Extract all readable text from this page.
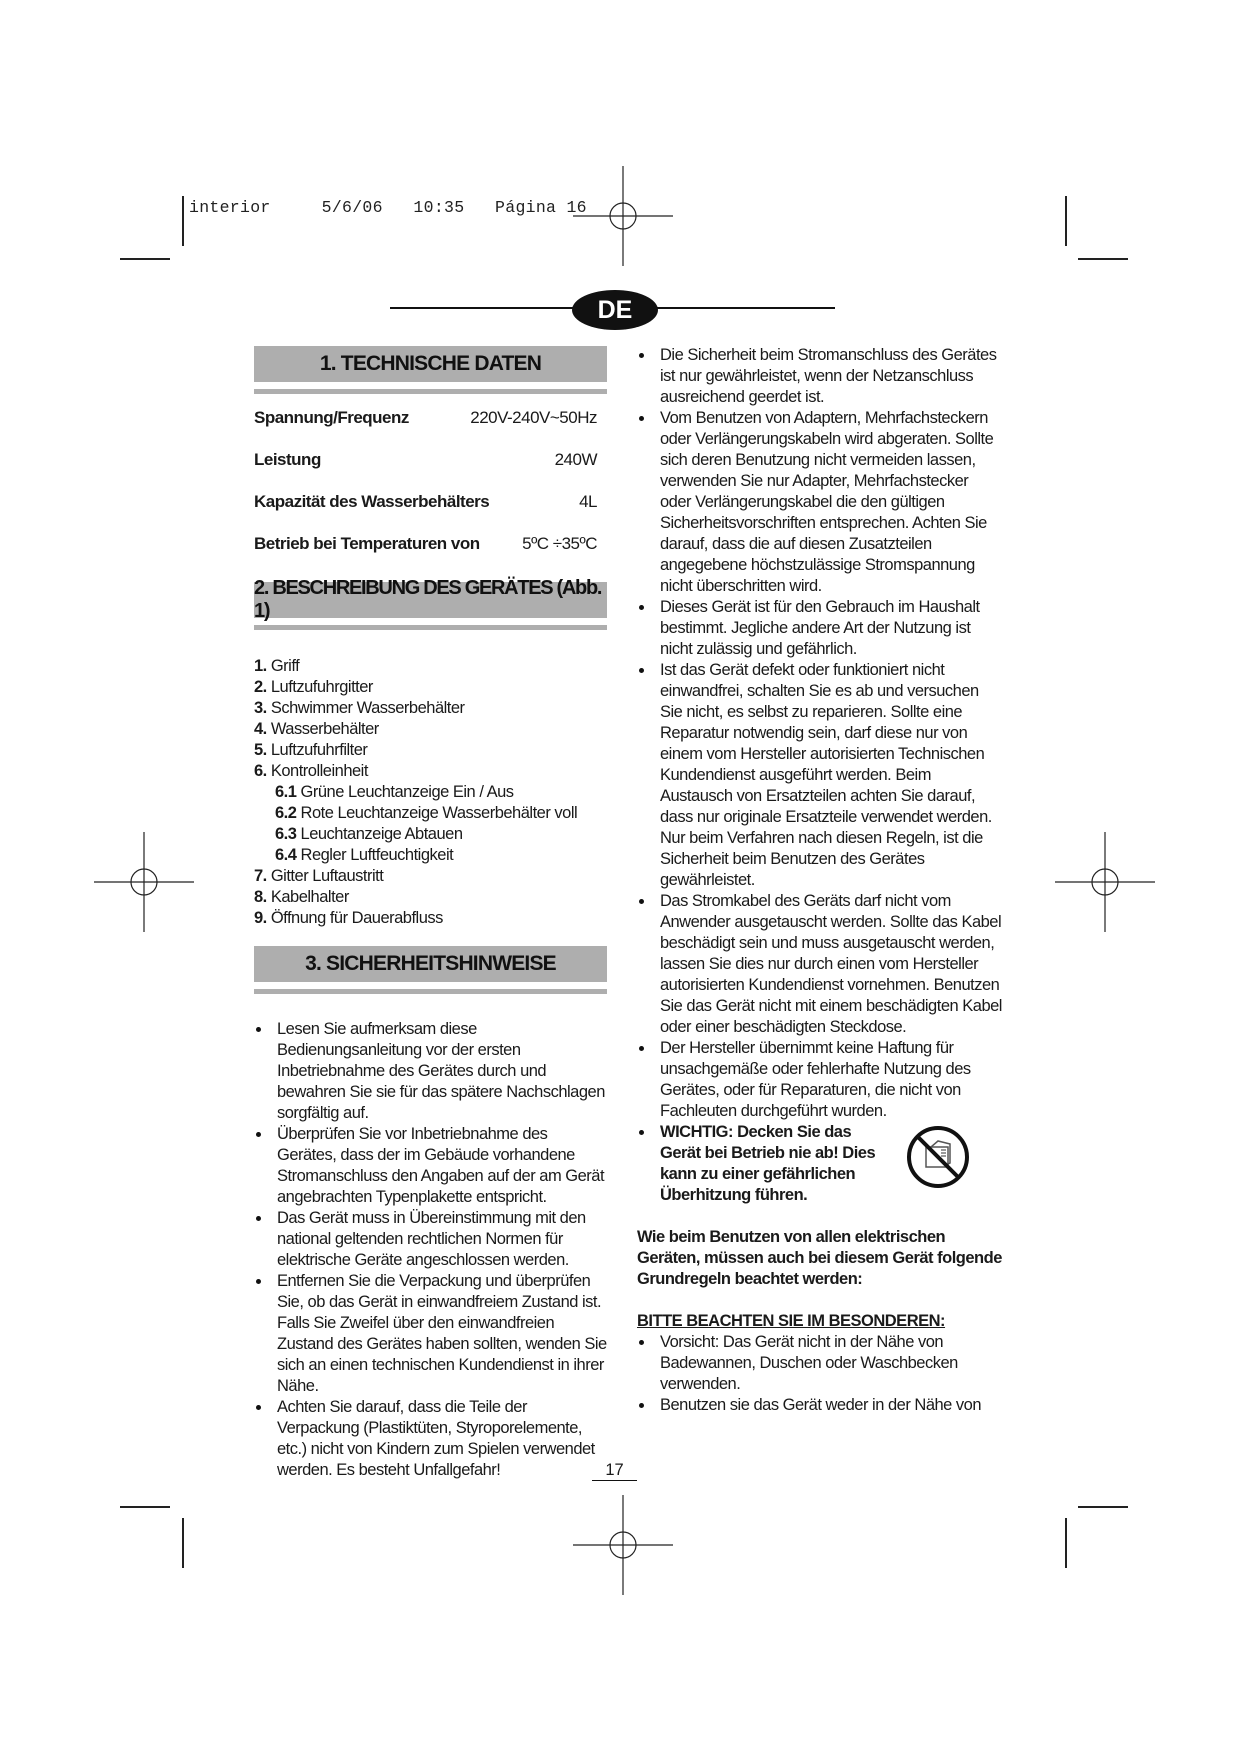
interior     5/6/06   10:35   Página 16
DE
1. TECHNISCHE DATEN
Spannung/Frequenz	220V-240V~50Hz
Leistung	240W
Kapazität des Wasserbehälters	4L
Betrieb bei Temperaturen von 5ºC ÷35ºC
2. BESCHREIBUNG DES GERÄTES (Abb. 1)
1. Griff
2. Luftzufuhrgitter
3. Schwimmer Wasserbehälter
4. Wasserbehälter
5. Luftzufuhrfilter
6. Kontrolleinheit
6.1 Grüne Leuchtanzeige Ein / Aus
6.2 Rote Leuchtanzeige Wasserbehälter voll
6.3 Leuchtanzeige Abtauen
6.4 Regler Luftfeuchtigkeit
7. Gitter Luftaustritt
8. Kabelhalter
9. Öffnung für Dauerabfluss
3. SICHERHEITSHINWEISE
Lesen Sie aufmerksam diese Bedienungsanleitung vor der ersten Inbetriebnahme des Gerätes durch und bewahren Sie sie für das spätere Nachschlagen sorgfältig auf.
Überprüfen Sie vor Inbetriebnahme des Gerätes, dass der im Gebäude vorhandene Stromanschluss den Angaben auf der am Gerät angebrachten Typenplakette entspricht.
Das Gerät muss in Übereinstimmung mit den national geltenden rechtlichen Normen für elektrische Geräte angeschlossen werden.
Entfernen Sie die Verpackung und überprüfen Sie, ob das Gerät in einwandfreiem Zustand ist. Falls Sie Zweifel über den einwandfreien Zustand des Gerätes haben sollten, wenden Sie sich an einen technischen Kundendienst in ihrer Nähe.
Achten Sie darauf, dass die Teile der Verpackung (Plastiktüten, Styroporelemente, etc.) nicht von Kindern zum Spielen verwendet werden. Es besteht Unfallgefahr!
Die Sicherheit beim Stromanschluss des Gerätes ist nur gewährleistet, wenn der Netzanschluss ausreichend geerdet ist.
Vom Benutzen von Adaptern, Mehrfachsteckern oder Verlängerungskabeln wird abgeraten. Sollte sich deren Benutzung nicht vermeiden lassen, verwenden Sie nur Adapter, Mehrfachstecker oder Verlängerungskabel die den gültigen Sicherheitsvorschriften entsprechen. Achten Sie darauf, dass die auf diesen Zusatzteilen angegebene höchstzulässige Stromspannung nicht überschritten wird.
Dieses Gerät ist für den Gebrauch im Haushalt bestimmt. Jegliche andere Art der Nutzung ist nicht zulässig und gefährlich.
Ist das Gerät defekt oder funktioniert nicht einwandfrei, schalten Sie es ab und versuchen Sie nicht, es selbst zu reparieren. Sollte eine Reparatur notwendig sein, darf diese nur von einem vom Hersteller autorisierten Technischen Kundendienst ausgeführt werden. Beim Austausch von Ersatzteilen achten Sie darauf, dass nur originale Ersatzteile verwendet werden. Nur beim Verfahren nach diesen Regeln, ist die Sicherheit beim Benutzen des Gerätes gewährleistet.
Das Stromkabel des Geräts darf nicht vom Anwender ausgetauscht werden. Sollte das Kabel beschädigt sein und muss ausgetauscht werden, lassen Sie dies nur durch einen vom Hersteller autorisierten Kundendienst vornehmen. Benutzen Sie das Gerät nicht mit einem beschädigten Kabel oder einer beschädigten Steckdose.
Der Hersteller übernimmt keine Haftung für unsachgemäße oder fehlerhafte Nutzung des Gerätes, oder für Reparaturen, die nicht von Fachleuten durchgeführt wurden.
WICHTIG: Decken Sie das Gerät bei Betrieb nie ab! Dies kann zu einer gefährlichen Überhitzung führen.
Wie beim Benutzen von allen elektrischen Geräten, müssen auch bei diesem Gerät folgende Grundregeln beachtet werden:
BITTE BEACHTEN SIE IM BESONDEREN:
Vorsicht: Das Gerät nicht in der Nähe von Badewannen, Duschen oder Waschbecken verwenden.
Benutzen sie das Gerät weder in der Nähe von
17
